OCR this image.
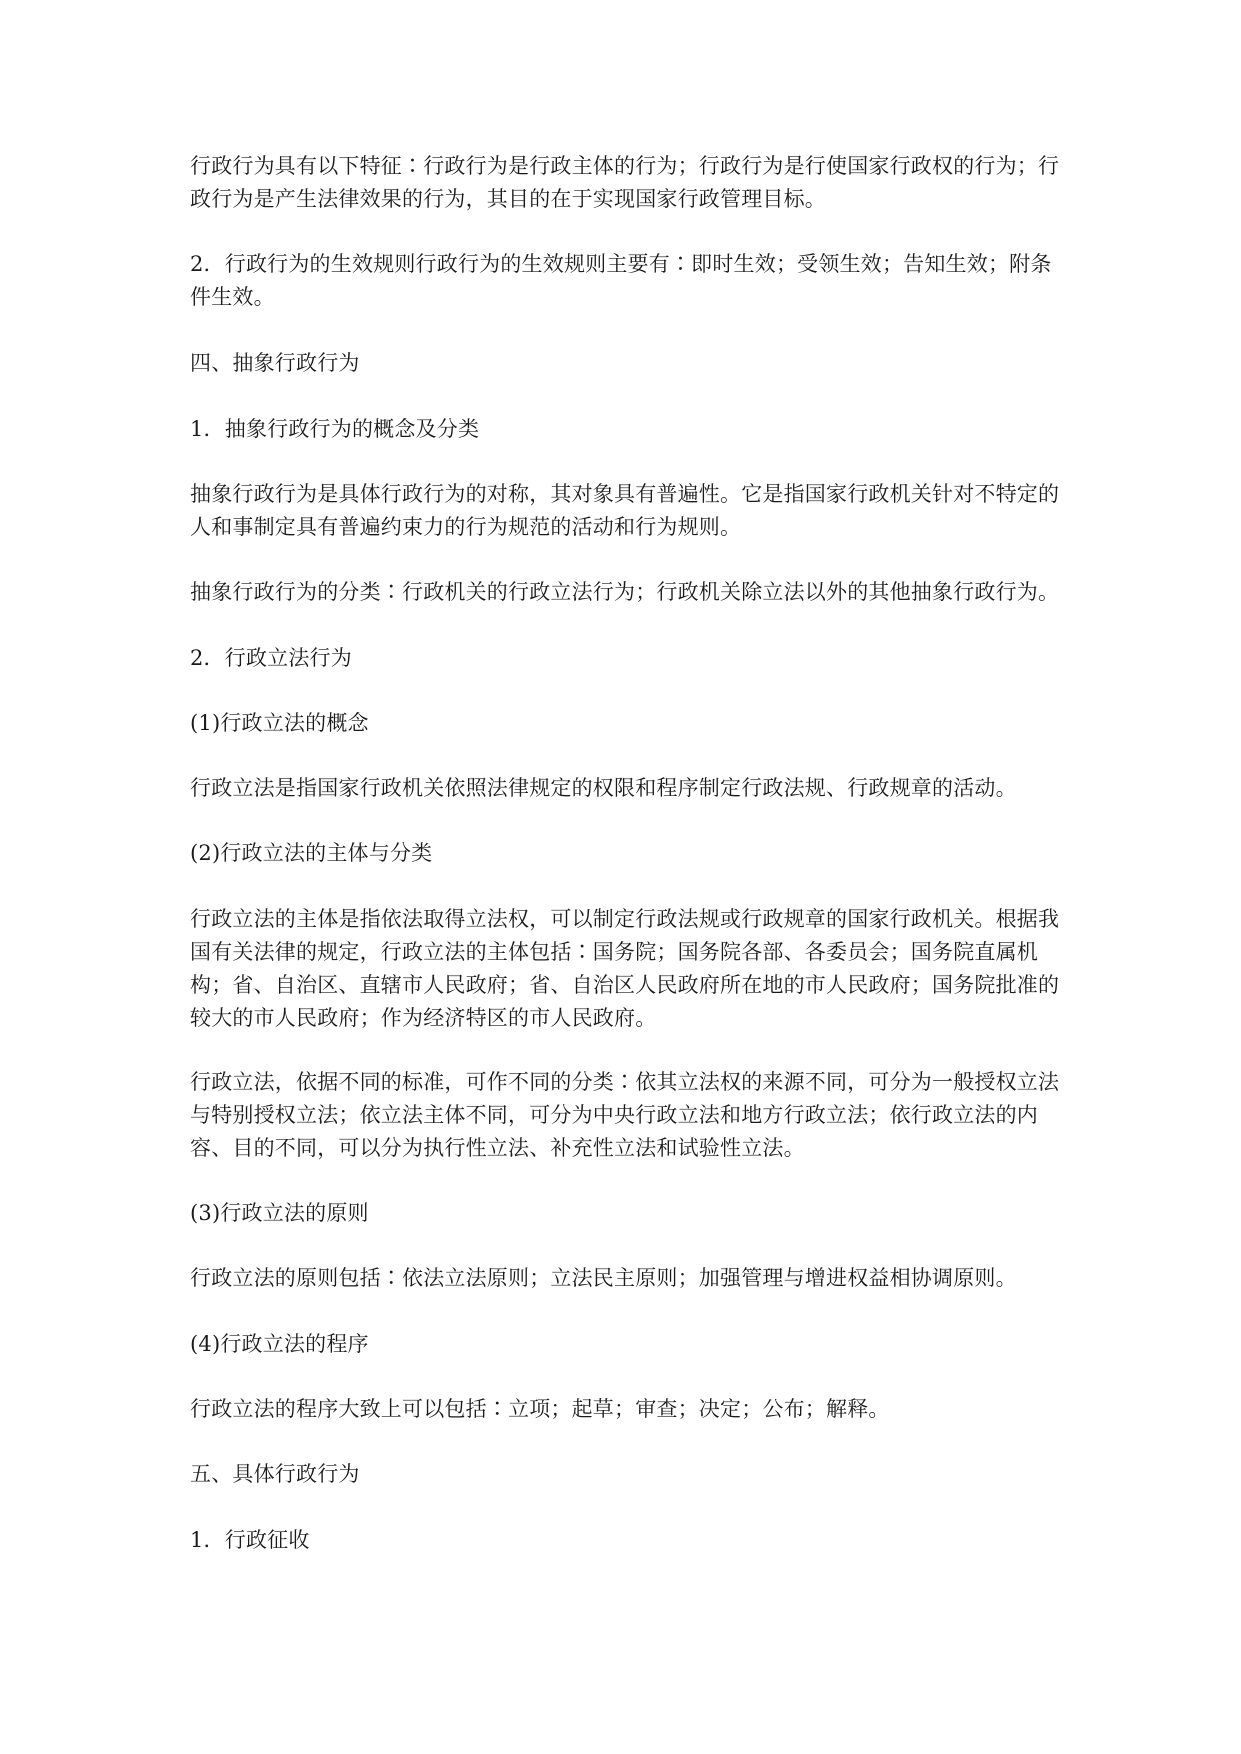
行政行为具有以下特征∶行政行为是行政主体的行为；行政行为是行使国家行政权的行为；行政行为是产生法律效果的行为，其目的在于实现国家行政管理目标。

2．行政行为的生效规则行政行为的生效规则主要有∶即时生效；受领生效；告知生效；附条件生效。

四、抽象行政行为

1．抽象行政行为的概念及分类

抽象行政行为是具体行政行为的对称，其对象具有普遍性。它是指国家行政机关针对不特定的人和事制定具有普遍约束力的行为规范的活动和行为规则。

抽象行政行为的分类∶行政机关的行政立法行为；行政机关除立法以外的其他抽象行政行为。

2．行政立法行为

(1)行政立法的概念

行政立法是指国家行政机关依照法律规定的权限和程序制定行政法规、行政规章的活动。

(2)行政立法的主体与分类

行政立法的主体是指依法取得立法权，可以制定行政法规或行政规章的国家行政机关。根据我国有关法律的规定，行政立法的主体包括∶国务院；国务院各部、各委员会；国务院直属机构；省、自治区、直辖市人民政府；省、自治区人民政府所在地的市人民政府；国务院批准的较大的市人民政府；作为经济特区的市人民政府。

行政立法，依据不同的标准，可作不同的分类∶依其立法权的来源不同，可分为一般授权立法与特别授权立法；依立法主体不同，可分为中央行政立法和地方行政立法；依行政立法的内容、目的不同，可以分为执行性立法、补充性立法和试验性立法。

(3)行政立法的原则

行政立法的原则包括∶依法立法原则；立法民主原则；加强管理与增进权益相协调原则。

(4)行政立法的程序

行政立法的程序大致上可以包括∶立项；起草；审查；决定；公布；解释。

五、具体行政行为

1．行政征收
